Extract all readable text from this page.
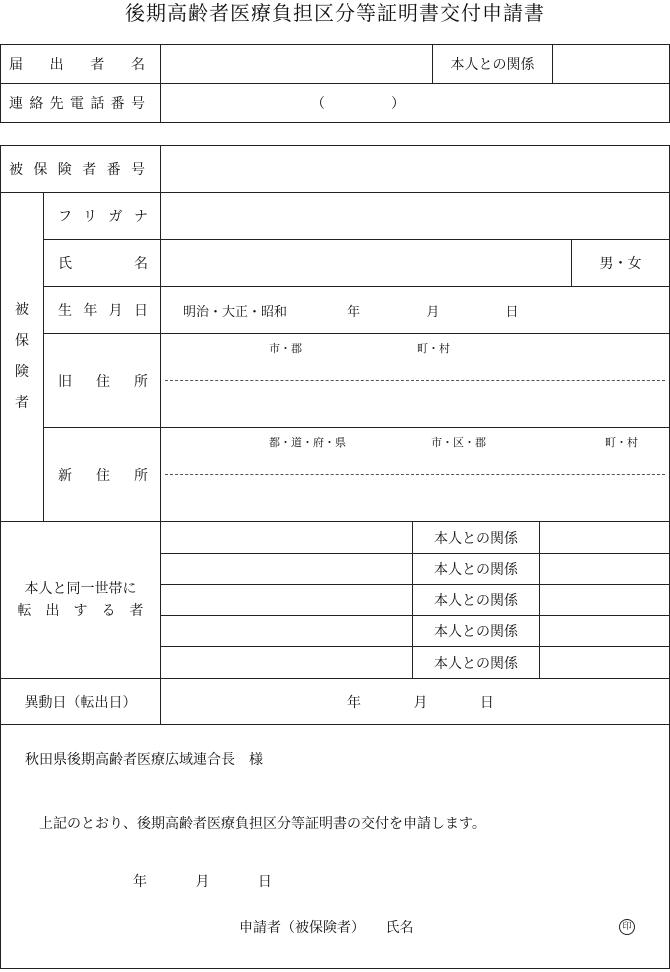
後期高齢者医療負担区分等証明書交付申請書
届　出　者　名		本人との関係	

連絡先電話番号	（　　　　）		
被保険者番号					

被保険者	フリガナ				

	氏　　名				男・女

	生年月日	明治・大正・昭和 年 月 日			

	旧住所	市・郡 町・村			

	新住所	都・道・府・県 市・区・郡 町・村			

本人と同一世帯に
転　出　す　る　者			本人との関係		
			本人との関係		
			本人との関係		
			本人との関係		
			本人との関係		
異動日（転出日）		年 月 日			

秋田県後期高齢者医療広域連合長　様
上記のとおり、後期高齢者医療負担区分等証明書の交付を申請します。
年 月 日
申請者（被保険者） 氏名 印					
